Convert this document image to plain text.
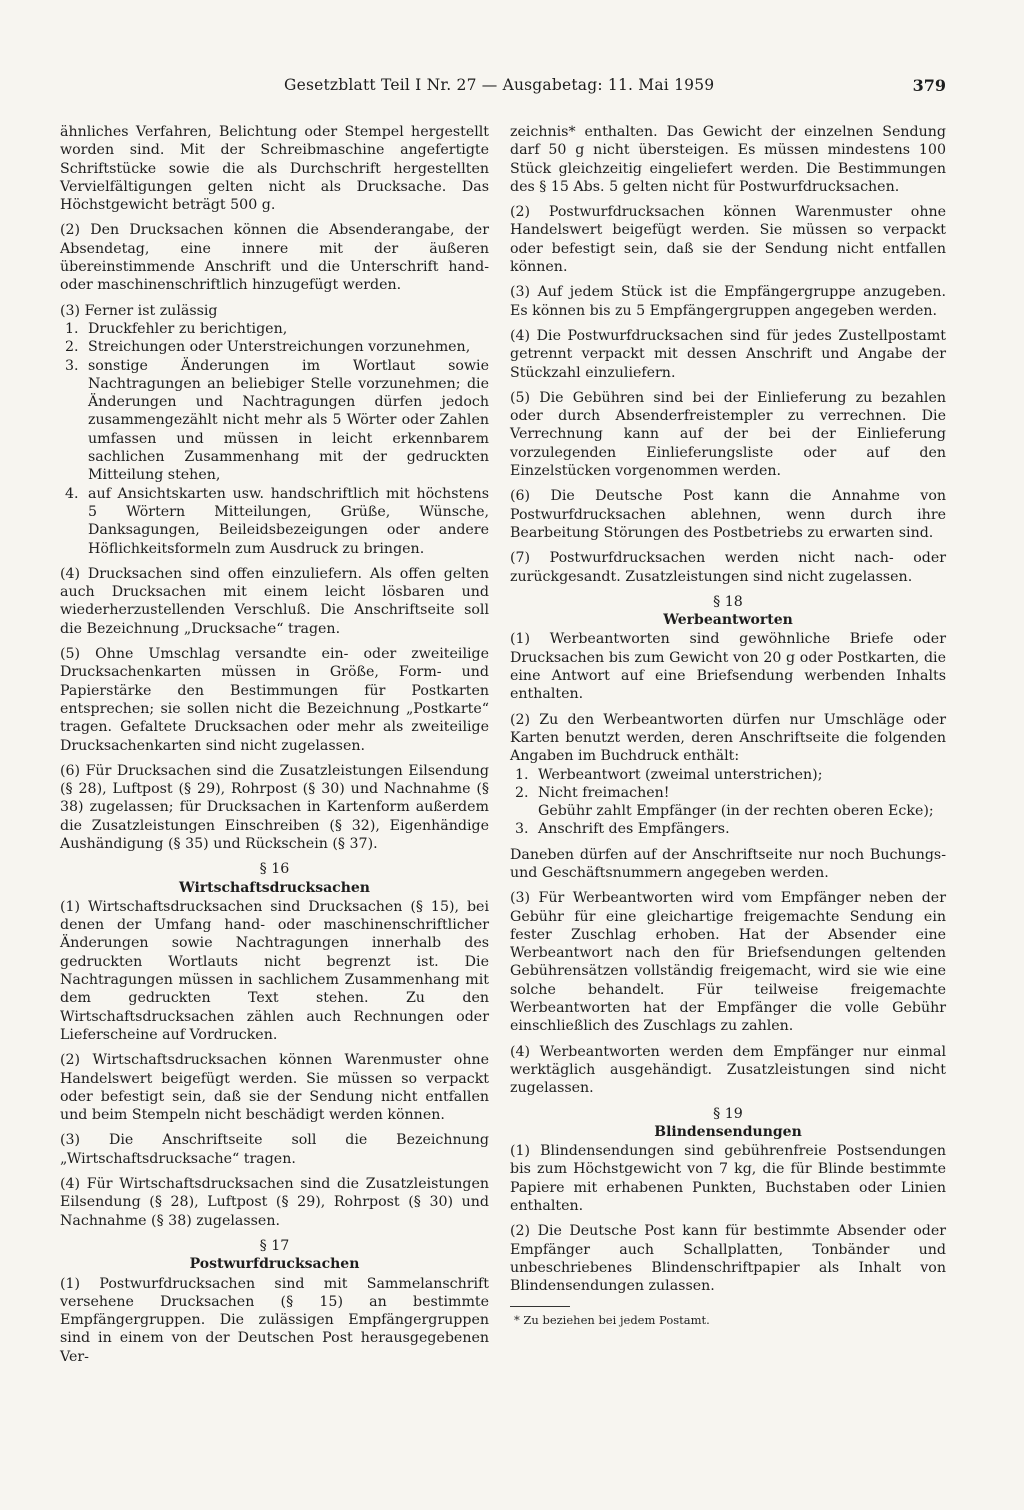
Gesetzblatt Teil I Nr. 27 — Ausgabetag: 11. Mai 1959	379

ähnliches Verfahren, Belichtung oder Stempel hergestellt worden sind. Mit der Schreibmaschine angefertigte Schriftstücke sowie die als Durchschrift hergestellten Vervielfältigungen gelten nicht als Drucksache. Das Höchstgewicht beträgt 500 g.

(2) Den Drucksachen können die Absenderangabe, der Absendetag, eine innere mit der äußeren übereinstimmende Anschrift und die Unterschrift hand- oder maschinenschriftlich hinzugefügt werden.

(3) Ferner ist zulässig

1. Druckfehler zu berichtigen,
2. Streichungen oder Unterstreichungen vorzunehmen,
3. sonstige Änderungen im Wortlaut sowie Nachtragungen an beliebiger Stelle vorzunehmen; die Änderungen und Nachtragungen dürfen jedoch zusammengezählt nicht mehr als 5 Wörter oder Zahlen umfassen und müssen in leicht erkennbarem sachlichen Zusammenhang mit der gedruckten Mitteilung stehen,
4. auf Ansichtskarten usw. handschriftlich mit höchstens 5 Wörtern Mitteilungen, Grüße, Wünsche, Danksagungen, Beileidsbezeigungen oder andere Höflichkeitsformeln zum Ausdruck zu bringen.

(4) Drucksachen sind offen einzuliefern. Als offen gelten auch Drucksachen mit einem leicht lösbaren und wiederherzustellenden Verschluß. Die Anschriftseite soll die Bezeichnung „Drucksache“ tragen.

(5) Ohne Umschlag versandte ein- oder zweiteilige Drucksachenkarten müssen in Größe, Form- und Papierstärke den Bestimmungen für Postkarten entsprechen; sie sollen nicht die Bezeichnung „Postkarte“ tragen. Gefaltete Drucksachen oder mehr als zweiteilige Drucksachenkarten sind nicht zugelassen.

(6) Für Drucksachen sind die Zusatzleistungen Eilsendung (§ 28), Luftpost (§ 29), Rohrpost (§ 30) und Nachnahme (§ 38) zugelassen; für Drucksachen in Kartenform außerdem die Zusatzleistungen Einschreiben (§ 32), Eigenhändige Aushändigung (§ 35) und Rückschein (§ 37).

§ 16
Wirtschaftsdrucksachen

(1) Wirtschaftsdrucksachen sind Drucksachen (§ 15), bei denen der Umfang hand- oder maschinenschriftlicher Änderungen sowie Nachtragungen innerhalb des gedruckten Wortlauts nicht begrenzt ist. Die Nachtragungen müssen in sachlichem Zusammenhang mit dem gedruckten Text stehen. Zu den Wirtschaftsdrucksachen zählen auch Rechnungen oder Lieferscheine auf Vordrucken.

(2) Wirtschaftsdrucksachen können Warenmuster ohne Handelswert beigefügt werden. Sie müssen so verpackt oder befestigt sein, daß sie der Sendung nicht entfallen und beim Stempeln nicht beschädigt werden können.

(3) Die Anschriftseite soll die Bezeichnung „Wirtschaftsdrucksache“ tragen.

(4) Für Wirtschaftsdrucksachen sind die Zusatzleistungen Eilsendung (§ 28), Luftpost (§ 29), Rohrpost (§ 30) und Nachnahme (§ 38) zugelassen.

§ 17
Postwurfdrucksachen

(1) Postwurfdrucksachen sind mit Sammelanschrift versehene Drucksachen (§ 15) an bestimmte Empfängergruppen. Die zulässigen Empfängergruppen sind in einem von der Deutschen Post herausgegebenen Ver-

zeichnis* enthalten. Das Gewicht der einzelnen Sendung darf 50 g nicht übersteigen. Es müssen mindestens 100 Stück gleichzeitig eingeliefert werden. Die Bestimmungen des § 15 Abs. 5 gelten nicht für Postwurfdrucksachen.

(2) Postwurfdrucksachen können Warenmuster ohne Handelswert beigefügt werden. Sie müssen so verpackt oder befestigt sein, daß sie der Sendung nicht entfallen können.

(3) Auf jedem Stück ist die Empfängergruppe anzugeben. Es können bis zu 5 Empfängergruppen angegeben werden.

(4) Die Postwurfdrucksachen sind für jedes Zustellpostamt getrennt verpackt mit dessen Anschrift und Angabe der Stückzahl einzuliefern.

(5) Die Gebühren sind bei der Einlieferung zu bezahlen oder durch Absenderfreistempler zu verrechnen. Die Verrechnung kann auf der bei der Einlieferung vorzulegenden Einlieferungsliste oder auf den Einzelstücken vorgenommen werden.

(6) Die Deutsche Post kann die Annahme von Postwurfdrucksachen ablehnen, wenn durch ihre Bearbeitung Störungen des Postbetriebs zu erwarten sind.

(7) Postwurfdrucksachen werden nicht nach- oder zurückgesandt. Zusatzleistungen sind nicht zugelassen.

§ 18
Werbeantworten

(1) Werbeantworten sind gewöhnliche Briefe oder Drucksachen bis zum Gewicht von 20 g oder Postkarten, die eine Antwort auf eine Briefsendung werbenden Inhalts enthalten.

(2) Zu den Werbeantworten dürfen nur Umschläge oder Karten benutzt werden, deren Anschriftseite die folgenden Angaben im Buchdruck enthält:

1. Werbeantwort (zweimal unterstrichen);
2. Nicht freimachen!
Gebühr zahlt Empfänger (in der rechten oberen Ecke);
3. Anschrift des Empfängers.

Daneben dürfen auf der Anschriftseite nur noch Buchungs- und Geschäftsnummern angegeben werden.

(3) Für Werbeantworten wird vom Empfänger neben der Gebühr für eine gleichartige freigemachte Sendung ein fester Zuschlag erhoben. Hat der Absender eine Werbeantwort nach den für Briefsendungen geltenden Gebührensätzen vollständig freigemacht, wird sie wie eine solche behandelt. Für teilweise freigemachte Werbeantworten hat der Empfänger die volle Gebühr einschließlich des Zuschlags zu zahlen.

(4) Werbeantworten werden dem Empfänger nur einmal werktäglich ausgehändigt. Zusatzleistungen sind nicht zugelassen.

§ 19
Blindensendungen

(1) Blindensendungen sind gebührenfreie Postsendungen bis zum Höchstgewicht von 7 kg, die für Blinde bestimmte Papiere mit erhabenen Punkten, Buchstaben oder Linien enthalten.

(2) Die Deutsche Post kann für bestimmte Absender oder Empfänger auch Schallplatten, Tonbänder und unbeschriebenes Blindenschriftpapier als Inhalt von Blindensendungen zulassen.

* Zu beziehen bei jedem Postamt.
